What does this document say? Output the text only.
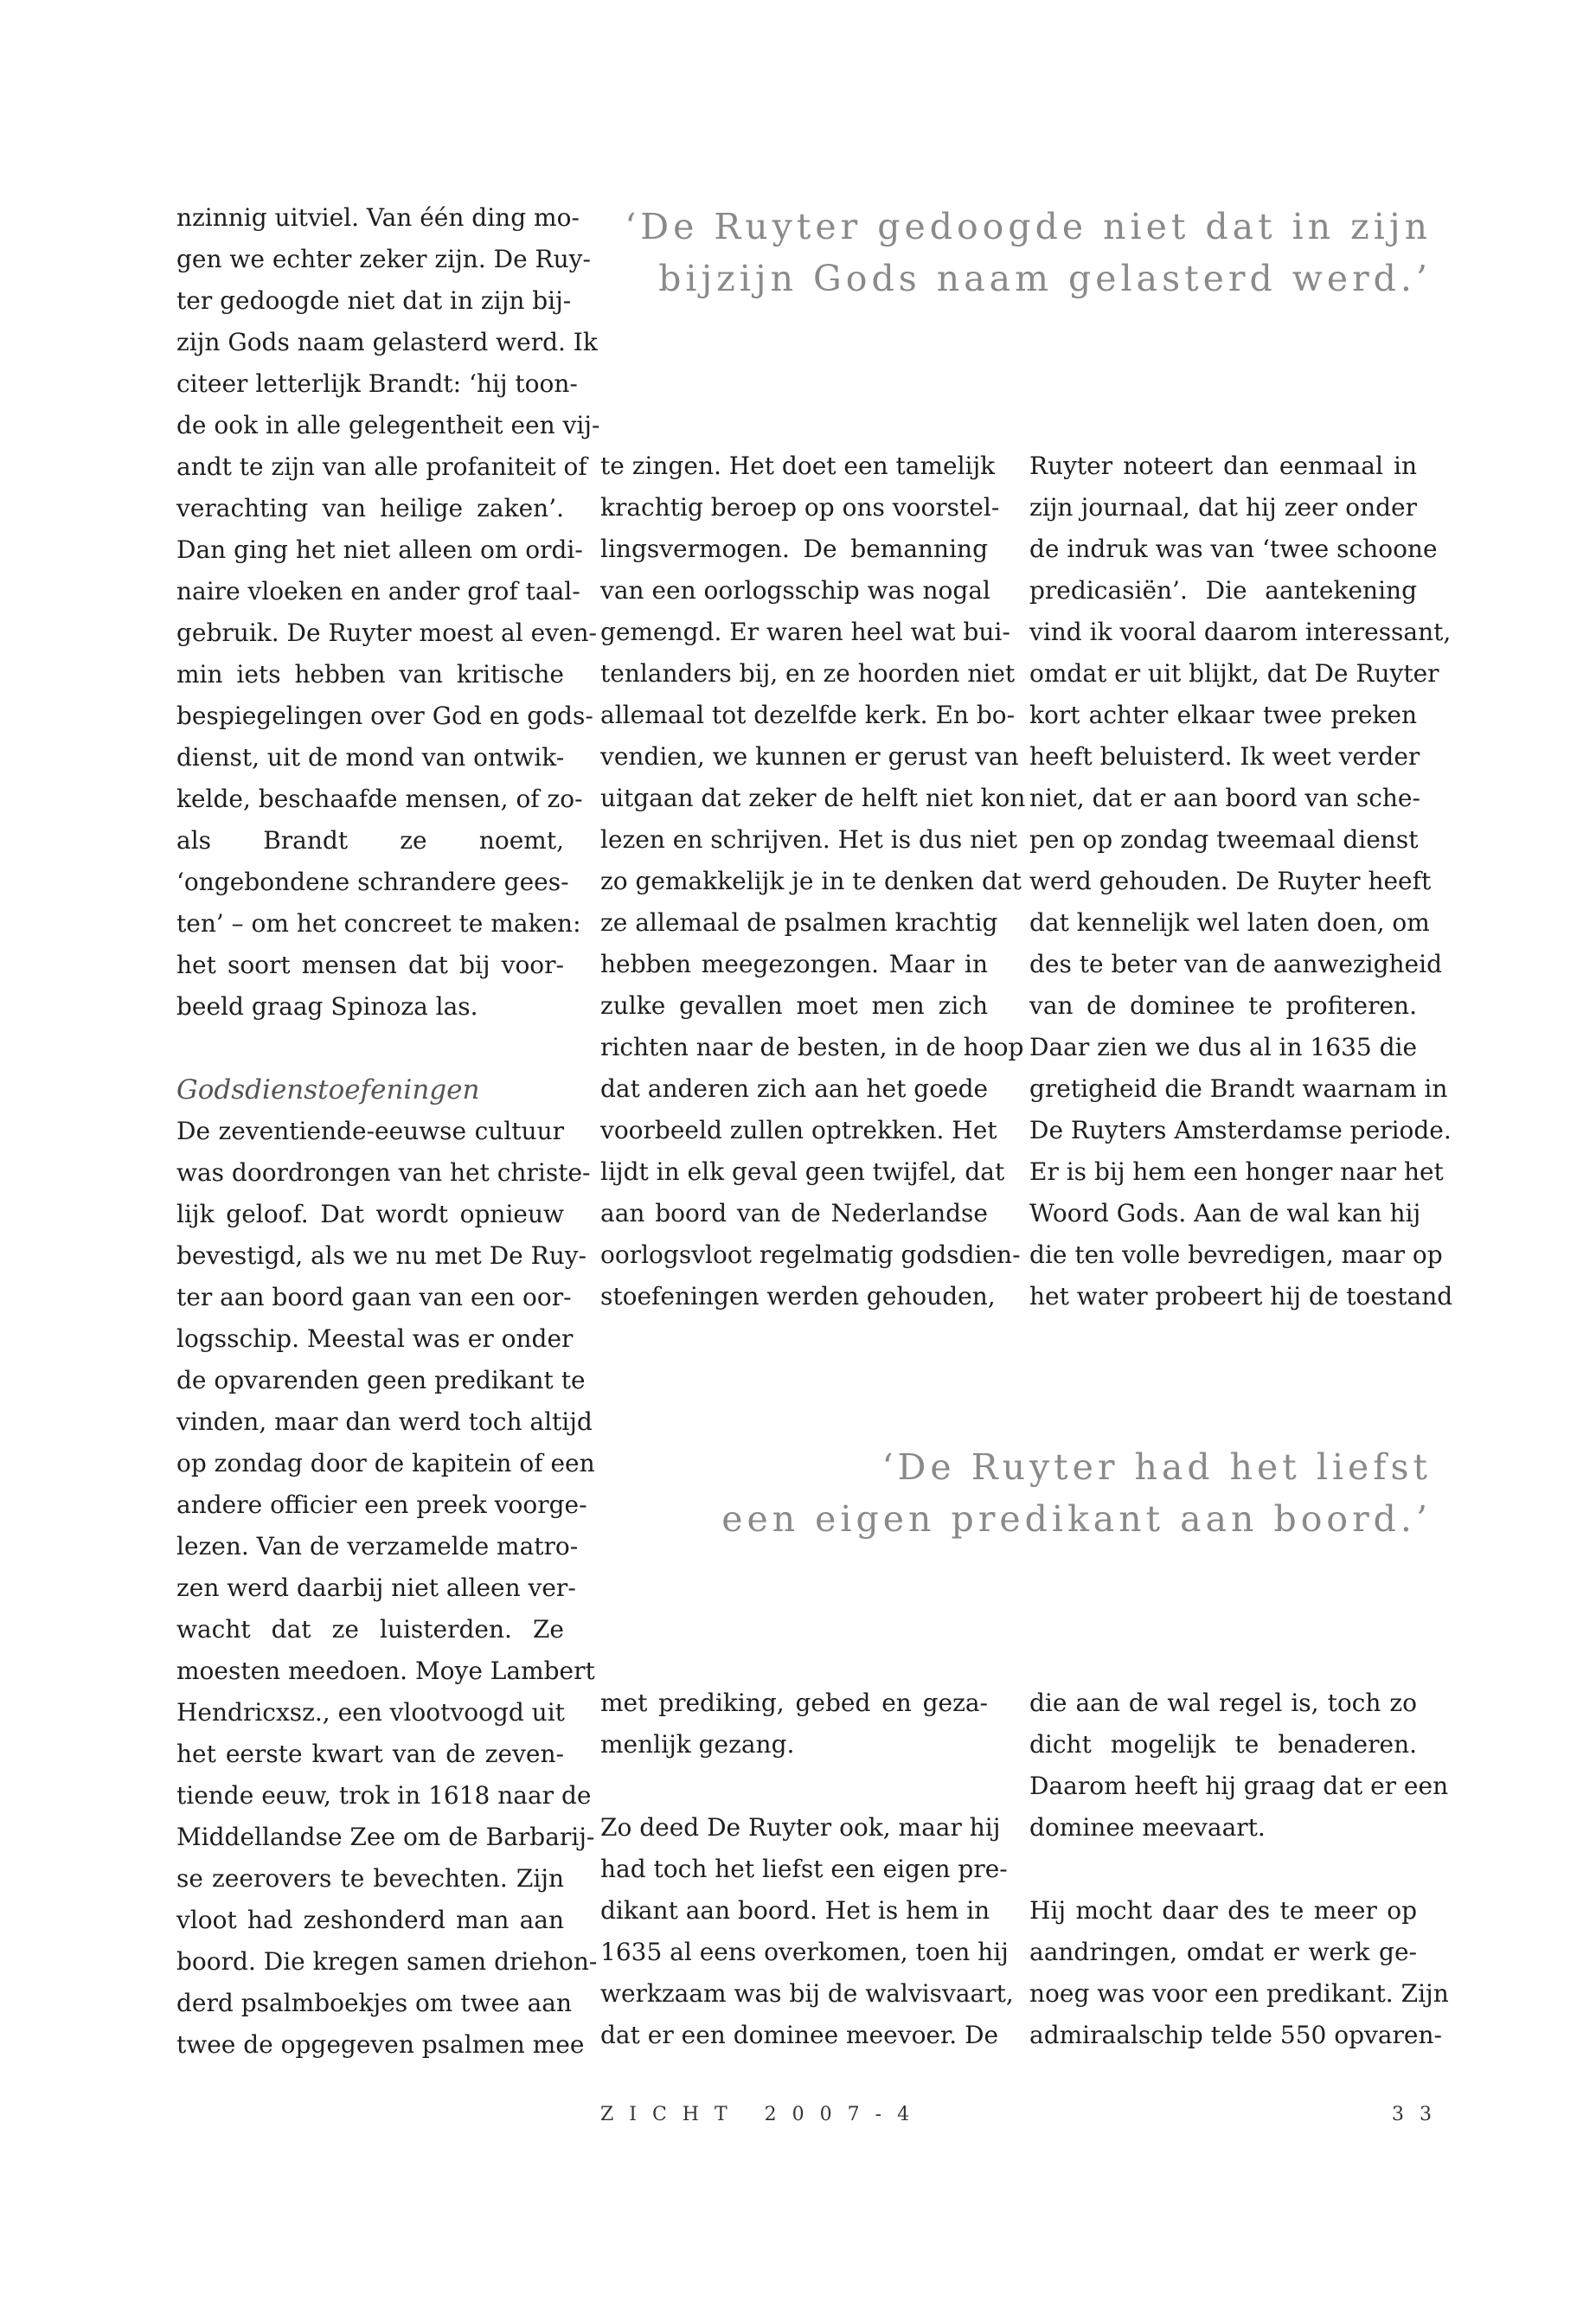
‘De Ruyter gedoogde niet dat in zijn
bijzijn Gods naam gelasterd werd.’
nzinnig uitviel. Van één ding mo-
gen we echter zeker zijn. De Ruy-
ter gedoogde niet dat in zijn bij-
zijn Gods naam gelasterd werd. Ik
citeer letterlijk Brandt: ‘hij toon-
de ook in alle gelegentheit een vij-
andt te zijn van alle profaniteit of
verachting van heilige zaken’.
Dan ging het niet alleen om ordi-
naire vloeken en ander grof taal-
gebruik. De Ruyter moest al even-
min iets hebben van kritische
bespiegelingen over God en gods-
dienst, uit de mond van ontwik-
kelde, beschaafde mensen, of zo-
als Brandt ze noemt,
‘ongebondene schrandere gees-
ten’ – om het concreet te maken:
het soort mensen dat bij voor-
beeld graag Spinoza las.
Godsdienstoefeningen
De zeventiende-eeuwse cultuur
was doordrongen van het christe-
lijk geloof. Dat wordt opnieuw
bevestigd, als we nu met De Ruy-
ter aan boord gaan van een oor-
logsschip. Meestal was er onder
de opvarenden geen predikant te
vinden, maar dan werd toch altijd
op zondag door de kapitein of een
andere officier een preek voorge-
lezen. Van de verzamelde matro-
zen werd daarbij niet alleen ver-
wacht dat ze luisterden. Ze
moesten meedoen. Moye Lambert
Hendricxsz., een vlootvoogd uit
het eerste kwart van de zeven-
tiende eeuw, trok in 1618 naar de
Middellandse Zee om de Barbarij-
se zeerovers te bevechten. Zijn
vloot had zeshonderd man aan
boord. Die kregen samen driehon-
derd psalmboekjes om twee aan
twee de opgegeven psalmen mee
te zingen. Het doet een tamelijk
krachtig beroep op ons voorstel-
lingsvermogen. De bemanning
van een oorlogsschip was nogal
gemengd. Er waren heel wat bui-
tenlanders bij, en ze hoorden niet
allemaal tot dezelfde kerk. En bo-
vendien, we kunnen er gerust van
uitgaan dat zeker de helft niet kon
lezen en schrijven. Het is dus niet
zo gemakkelijk je in te denken dat
ze allemaal de psalmen krachtig
hebben meegezongen. Maar in
zulke gevallen moet men zich
richten naar de besten, in de hoop
dat anderen zich aan het goede
voorbeeld zullen optrekken. Het
lijdt in elk geval geen twijfel, dat
aan boord van de Nederlandse
oorlogsvloot regelmatig godsdien-
stoefeningen werden gehouden,
Ruyter noteert dan eenmaal in
zijn journaal, dat hij zeer onder
de indruk was van ‘twee schoone
predicasiën’. Die aantekening
vind ik vooral daarom interessant,
omdat er uit blijkt, dat De Ruyter
kort achter elkaar twee preken
heeft beluisterd. Ik weet verder
niet, dat er aan boord van sche-
pen op zondag tweemaal dienst
werd gehouden. De Ruyter heeft
dat kennelijk wel laten doen, om
des te beter van de aanwezigheid
van de dominee te profiteren.
Daar zien we dus al in 1635 die
gretigheid die Brandt waarnam in
De Ruyters Amsterdamse periode.
Er is bij hem een honger naar het
Woord Gods. Aan de wal kan hij
die ten volle bevredigen, maar op
het water probeert hij de toestand
‘De Ruyter had het liefst
een eigen predikant aan boord.’
met prediking, gebed en geza-
menlijk gezang.
Zo deed De Ruyter ook, maar hij
had toch het liefst een eigen pre-
dikant aan boord. Het is hem in
1635 al eens overkomen, toen hij
werkzaam was bij de walvisvaart,
dat er een dominee meevoer. De
die aan de wal regel is, toch zo
dicht mogelijk te benaderen.
Daarom heeft hij graag dat er een
dominee meevaart.
Hij mocht daar des te meer op
aandringen, omdat er werk ge-
noeg was voor een predikant. Zijn
admiraalschip telde 550 opvaren-
ZICHT 2007-4	33
